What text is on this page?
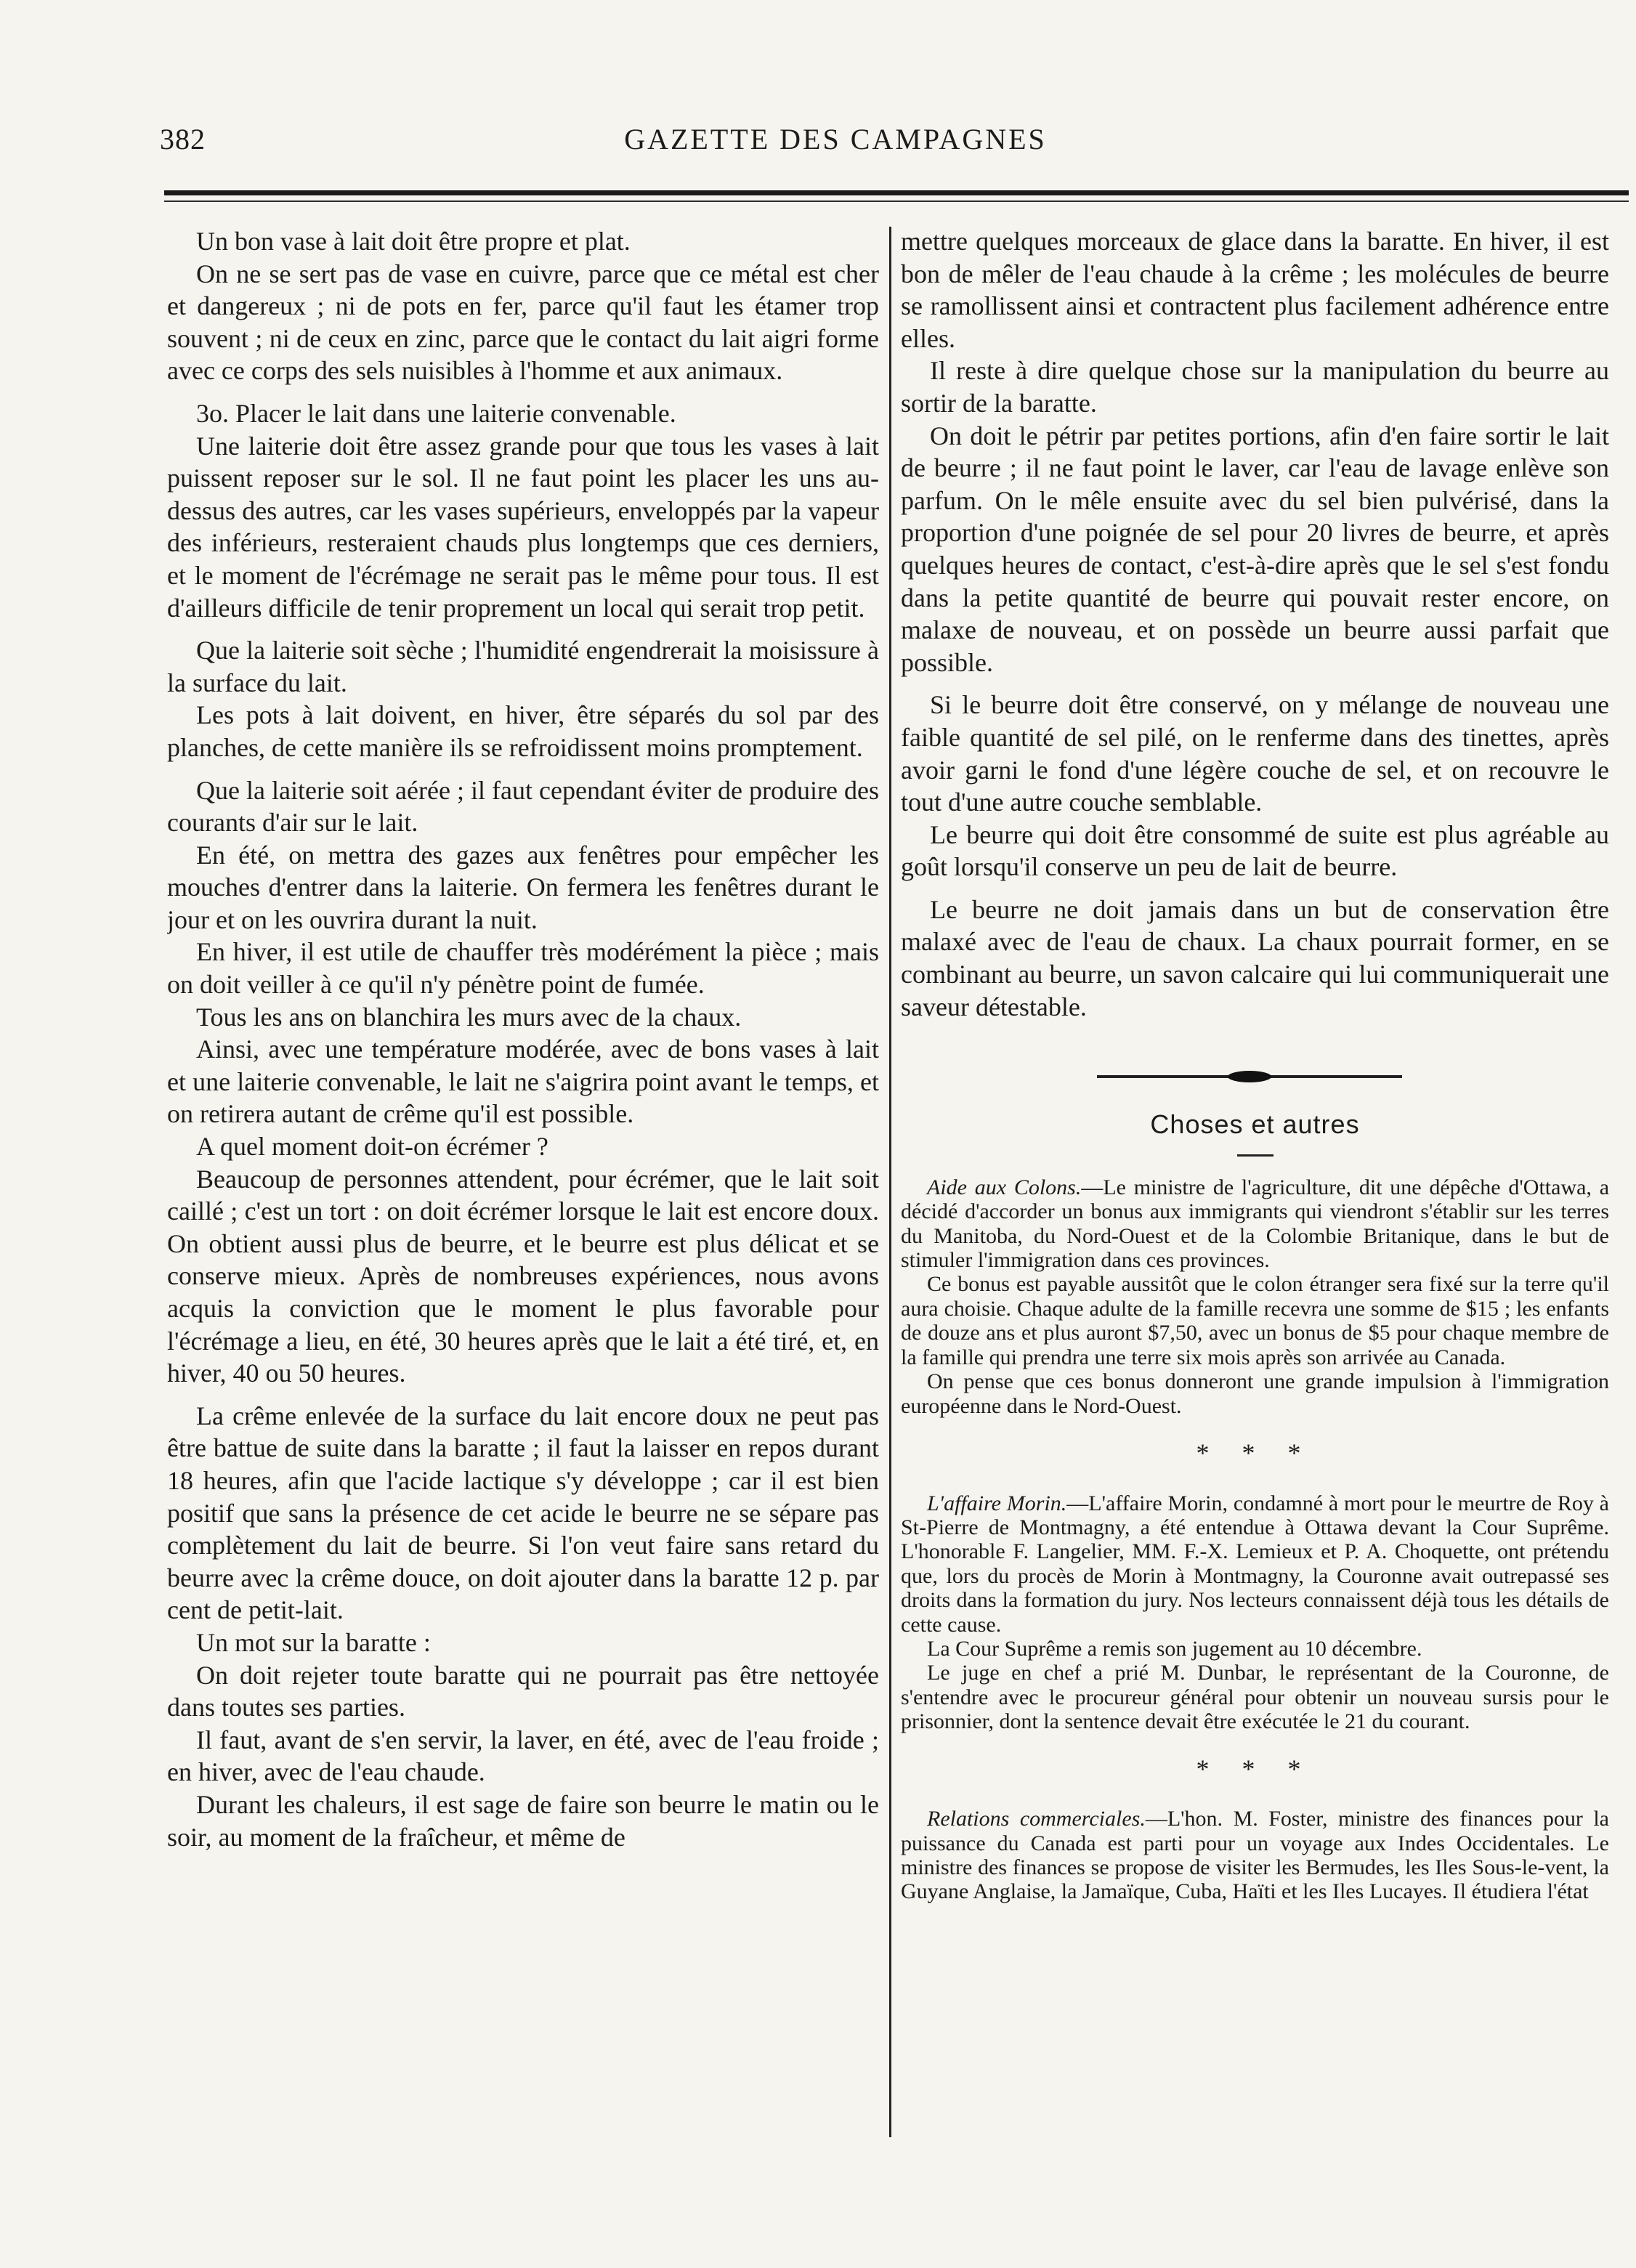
382	GAZETTE DES CAMPAGNES

Un bon vase à lait doit être propre et plat.

On ne se sert pas de vase en cuivre, parce que ce métal est cher et dangereux ; ni de pots en fer, parce qu'il faut les étamer trop souvent ; ni de ceux en zinc, parce que le contact du lait aigri forme avec ce corps des sels nuisibles à l'homme et aux animaux.

3o. Placer le lait dans une laiterie convenable.

Une laiterie doit être assez grande pour que tous les vases à lait puissent reposer sur le sol. Il ne faut point les placer les uns au-dessus des autres, car les vases supérieurs, enveloppés par la vapeur des inférieurs, resteraient chauds plus longtemps que ces derniers, et le moment de l'écrémage ne serait pas le même pour tous. Il est d'ailleurs difficile de tenir proprement un local qui serait trop petit.

Que la laiterie soit sèche ; l'humidité engendrerait la moisissure à la surface du lait.

Les pots à lait doivent, en hiver, être séparés du sol par des planches, de cette manière ils se refroidissent moins promptement.

Que la laiterie soit aérée ; il faut cependant éviter de produire des courants d'air sur le lait.

En été, on mettra des gazes aux fenêtres pour empêcher les mouches d'entrer dans la laiterie. On fermera les fenêtres durant le jour et on les ouvrira durant la nuit.

En hiver, il est utile de chauffer très modérément la pièce ; mais on doit veiller à ce qu'il n'y pénètre point de fumée.

Tous les ans on blanchira les murs avec de la chaux.

Ainsi, avec une température modérée, avec de bons vases à lait et une laiterie convenable, le lait ne s'aigrira point avant le temps, et on retirera autant de crême qu'il est possible.

A quel moment doit-on écrémer ?

Beaucoup de personnes attendent, pour écrémer, que le lait soit caillé ; c'est un tort : on doit écrémer lorsque le lait est encore doux. On obtient aussi plus de beurre, et le beurre est plus délicat et se conserve mieux. Après de nombreuses expériences, nous avons acquis la conviction que le moment le plus favorable pour l'écrémage a lieu, en été, 30 heures après que le lait a été tiré, et, en hiver, 40 ou 50 heures.

La crême enlevée de la surface du lait encore doux ne peut pas être battue de suite dans la baratte ; il faut la laisser en repos durant 18 heures, afin que l'acide lactique s'y développe ; car il est bien positif que sans la présence de cet acide le beurre ne se sépare pas complètement du lait de beurre. Si l'on veut faire sans retard du beurre avec la crême douce, on doit ajouter dans la baratte 12 p. par cent de petit-lait.

Un mot sur la baratte :

On doit rejeter toute baratte qui ne pourrait pas être nettoyée dans toutes ses parties.

Il faut, avant de s'en servir, la laver, en été, avec de l'eau froide ; en hiver, avec de l'eau chaude.

Durant les chaleurs, il est sage de faire son beurre le matin ou le soir, au moment de la fraîcheur, et même de

mettre quelques morceaux de glace dans la baratte. En hiver, il est bon de mêler de l'eau chaude à la crême ; les molécules de beurre se ramollissent ainsi et contractent plus facilement adhérence entre elles.

Il reste à dire quelque chose sur la manipulation du beurre au sortir de la baratte.

On doit le pétrir par petites portions, afin d'en faire sortir le lait de beurre ; il ne faut point le laver, car l'eau de lavage enlève son parfum. On le mêle ensuite avec du sel bien pulvérisé, dans la proportion d'une poignée de sel pour 20 livres de beurre, et après quelques heures de contact, c'est-à-dire après que le sel s'est fondu dans la petite quantité de beurre qui pouvait rester encore, on malaxe de nouveau, et on possède un beurre aussi parfait que possible.

Si le beurre doit être conservé, on y mélange de nouveau une faible quantité de sel pilé, on le renferme dans des tinettes, après avoir garni le fond d'une légère couche de sel, et on recouvre le tout d'une autre couche semblable.

Le beurre qui doit être consommé de suite est plus agréable au goût lorsqu'il conserve un peu de lait de beurre.

Le beurre ne doit jamais dans un but de conservation être malaxé avec de l'eau de chaux. La chaux pourrait former, en se combinant au beurre, un savon calcaire qui lui communiquerait une saveur détestable.

Choses et autres

Aide aux Colons.—Le ministre de l'agriculture, dit une dépêche d'Ottawa, a décidé d'accorder un bonus aux immigrants qui viendront s'établir sur les terres du Manitoba, du Nord-Ouest et de la Colombie Britanique, dans le but de stimuler l'immigration dans ces provinces.

Ce bonus est payable aussitôt que le colon étranger sera fixé sur la terre qu'il aura choisie. Chaque adulte de la famille recevra une somme de $15 ; les enfants de douze ans et plus auront $7,50, avec un bonus de $5 pour chaque membre de la famille qui prendra une terre six mois après son arrivée au Canada.

On pense que ces bonus donneront une grande impulsion à l'immigration européenne dans le Nord-Ouest.

* * *

L'affaire Morin.—L'affaire Morin, condamné à mort pour le meurtre de Roy à St-Pierre de Montmagny, a été entendue à Ottawa devant la Cour Suprême. L'honorable F. Langelier, MM. F.-X. Lemieux et P. A. Choquette, ont prétendu que, lors du procès de Morin à Montmagny, la Couronne avait outrepassé ses droits dans la formation du jury. Nos lecteurs connaissent déjà tous les détails de cette cause.

La Cour Suprême a remis son jugement au 10 décembre.

Le juge en chef a prié M. Dunbar, le représentant de la Couronne, de s'entendre avec le procureur général pour obtenir un nouveau sursis pour le prisonnier, dont la sentence devait être exécutée le 21 du courant.

* * *

Relations commerciales.—L'hon. M. Foster, ministre des finances pour la puissance du Canada est parti pour un voyage aux Indes Occidentales. Le ministre des finances se propose de visiter les Bermudes, les Iles Sous-le-vent, la Guyane Anglaise, la Jamaïque, Cuba, Haïti et les Iles Lucayes. Il étudiera l'état
